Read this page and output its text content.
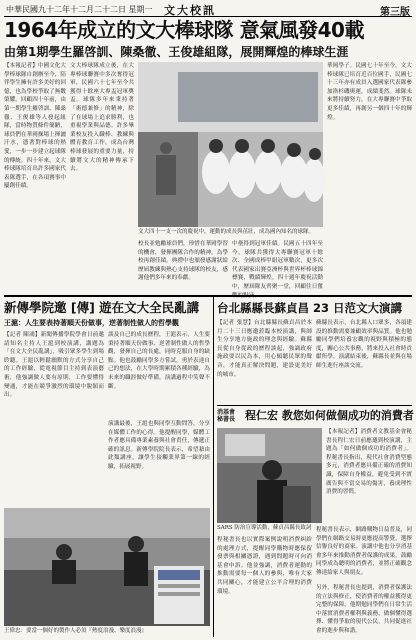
中華民國九十二年十二月二十二日 星期一 文大校訊	第三版
1964年成立的文大棒球隊 意氣風發40載
由第1期學生羅啓訓、陳桑徹、王俊雄組隊，展開輝煌的棒球生涯
【本報記者】中國文化大學棒球隊自創辦至今，陪伴學生擁有許多美好的回憶，也為學校爭取了無數榮耀。回顧四十年前，由第一期學生羅啓訓、陳桑徹、王俊雄等人發起組隊，當時物質條件簡陋，球員們在華岡操場上揮灑汗水，憑著對棒球的熱愛，一步一步建立起球隊的傳統。四十年來，文大棒球隊培育出許多國家代表隊選手，在各項賽事中屢創佳績。
文大棒球隊成立後，在大專棒球聯賽中多次奪得冠軍，民國六十七年至今共獲得十餘座大專盃冠軍獎盃。球隊多年來秉持著「術德兼修」的精神，除了在球場上追求勝利，也重視學業與品德。許多畢業校友投入職棒、教練與體育教育工作，成為台灣棒球發展的重要力量，持續將文大的精神傳承下去。
文大四十一支一次的慶祝中，運動的成長與茁壯，成為國內知名的球隊。
校長並勉勵球員們，珍惜在華岡學習的機會，發揮團隊合作的精神，為學校再創佳績。典禮中也頒發感謝狀給歷屆教練與熱心支持球隊的校友，感謝他們多年來的奉獻。
中壘得到冠軍佳績。民國五十四年至今，球隊共獲得大專聯賽冠軍十餘次、全國成棒甲組冠軍數次，更多次代表國家出賽亞洲杯與世界杯棒球錦標賽，戰績輝煌。四十週年慶祝活動中，歷屆隊友齊聚一堂，回顧往日奮
華岡學子。民國七十年至今，文大棒球隊已培育近百位國手，民國七十三年亦有成員入選國家代表隊參加洛杉磯奧運，成績斐然。球隊未來將持續努力，在大專聯賽中爭取更多佳績，再創另一個四十年的輝煌。
新傳學院邀 [傳] 遊在文大全民亂講
王滬：人生要表持著順天份做事，逆著制性做人的哲學觀
【記者 陳鴻】新聞傳播學院學會日前邀請知名主持人王滬到校演講，講題為「在文大全民亂講」，吸引眾多學生到場聆聽。王滬以輕鬆幽默的方式分享自己的工作經驗，從電視節目主持到表演藝術，他強調做人要有原則，工作要懂得變通，才能在競爭激烈的環境中脫穎而出。
談及自己的成長歷程，王滬表示，人生要秉持著順天份做事、逆著制性做人的哲學觀，發揮自己的長處，同時克服自身的缺點。他也鼓勵同學多方嘗試，勇於表達自己的想法，在大學時期累積各種經驗，為未來的職涯做好準備。演講過程中笑聲不斷。
演講最後，王滬也與同學互動問答，分享在媒體工作的心得。他提醒同學，媒體工作者應具備專業素養與社會責任，傳遞正確的訊息。新傳學院院長表示，希望藉由此類講座，讓學生接觸業界第一線的經驗，拓展視野。
王偉忠：要當一個好的製作人必須『熱度浪漫、樂度浪漫』
台北縣縣長蘇貞昌 23 日范文大演講
【記者 張慧】台北縣縣長蘇貞昌於本月二十三日應邀蒞臨本校演講，與師生分享地方施政的理念與經驗。蘇縣長從自身從政的歷程談起，強調政府施政要以民為本，用心傾聽民眾的聲音，才能真正解決問題，建設更美好的城市。
蘇縣長表示，台北縣人口眾多，各項建設的推動需要兼顧效率與品質。他也勉勵同學們培養宏觀的視野與積極的態度，關心公共事務，將來投入社會時貢獻所學。演講結束後，蘇縣長並與在場師生進行座談交流。
消基會
秘書長 程仁宏 教您如何做個成功的消費者
SARS 防治宣導活動，蘇貞昌縣長致詞
【本報記者】消費者文教基金會秘書長程仁宏日前應邀到校演講，主題為「如何做個成功的消費者」。程秘書長指出，現代社會消費型態多元，消費者應具備正確的消費知識，保障自身權益，避免受到不實廣告與不當交易的傷害，養成理性消費的習慣。
程秘書長也以實際案例說明消費糾紛的處理方式，提醒同學購物時應保留發票與相關憑證，遇到問題時可向消基會申訴。他並強調，消費者運動的推動需要每一個人的參與，唯有大家共同關心，才能建立公平合理的消費環境。
程秘書長表示，網路購物日益普及，同學們在網路交易時更應提高警覺，選擇信譽良好的商家。演講中他也分享消基會多年來推動消費者保護的成果，鼓勵同學成為聰明的消費者，並將正確觀念傳達給家人與朋友。
另外，程秘書長也提到，消費者保護法的立法與修正，使消費者的權益獲得更完整的保障。他期勉同學們在日常生活中落實消費者權利與義務，做個懂得選擇、懂得爭取的現代公民，共同促進社會的進步與和諧。
